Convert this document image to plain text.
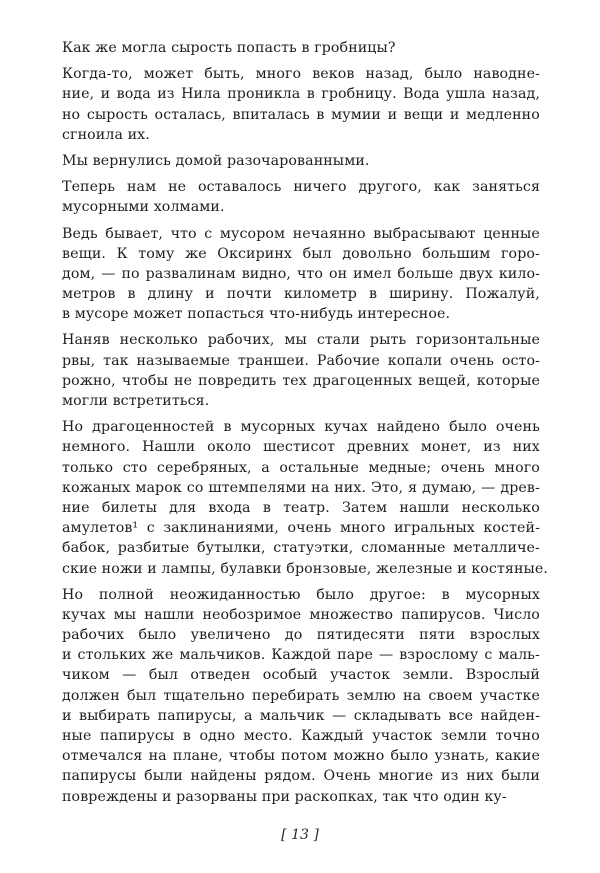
Как же могла сырость попасть в гробницы?
Когда-то, может быть, много веков назад, было наводне-
ние, и вода из Нила проникла в гробницу. Вода ушла назад,
но сырость осталась, впиталась в мумии и вещи и медленно
сгноила их.
Мы вернулись домой разочарованными.
Теперь нам не оставалось ничего другого, как заняться
мусорными холмами.
Ведь бывает, что с мусором нечаянно выбрасывают ценные
вещи. К тому же Оксиринх был довольно большим горо-
дом, — по развалинам видно, что он имел больше двух кило-
метров в длину и почти километр в ширину. Пожалуй,
в мусоре может попасться что-нибудь интересное.
Наняв несколько рабочих, мы стали рыть горизонтальные
рвы, так называемые траншеи. Рабочие копали очень осто-
рожно, чтобы не повредить тех драгоценных вещей, которые
могли встретиться.
Но драгоценностей в мусорных кучах найдено было очень
немного. Нашли около шестисот древних монет, из них
только сто серебряных, а остальные медные; очень много
кожаных марок со штемпелями на них. Это, я думаю, — древ-
ние билеты для входа в театр. Затем нашли несколько
амулетов¹ с заклинаниями, очень много игральных костей-
бабок, разбитые бутылки, статуэтки, сломанные металличе-
ские ножи и лампы, булавки бронзовые, железные и костяные.
Но полной неожиданностью было другое: в мусорных
кучах мы нашли необозримое множество папирусов. Число
рабочих было увеличено до пятидесяти пяти взрослых
и стольких же мальчиков. Каждой паре — взрослому с маль-
чиком — был отведен особый участок земли. Взрослый
должен был тщательно перебирать землю на своем участке
и выбирать папирусы, а мальчик — складывать все найден-
ные папирусы в одно место. Каждый участок земли точно
отмечался на плане, чтобы потом можно было узнать, какие
папирусы были найдены рядом. Очень многие из них были
повреждены и разорваны при раскопках, так что один ку-
[ 13 ]
